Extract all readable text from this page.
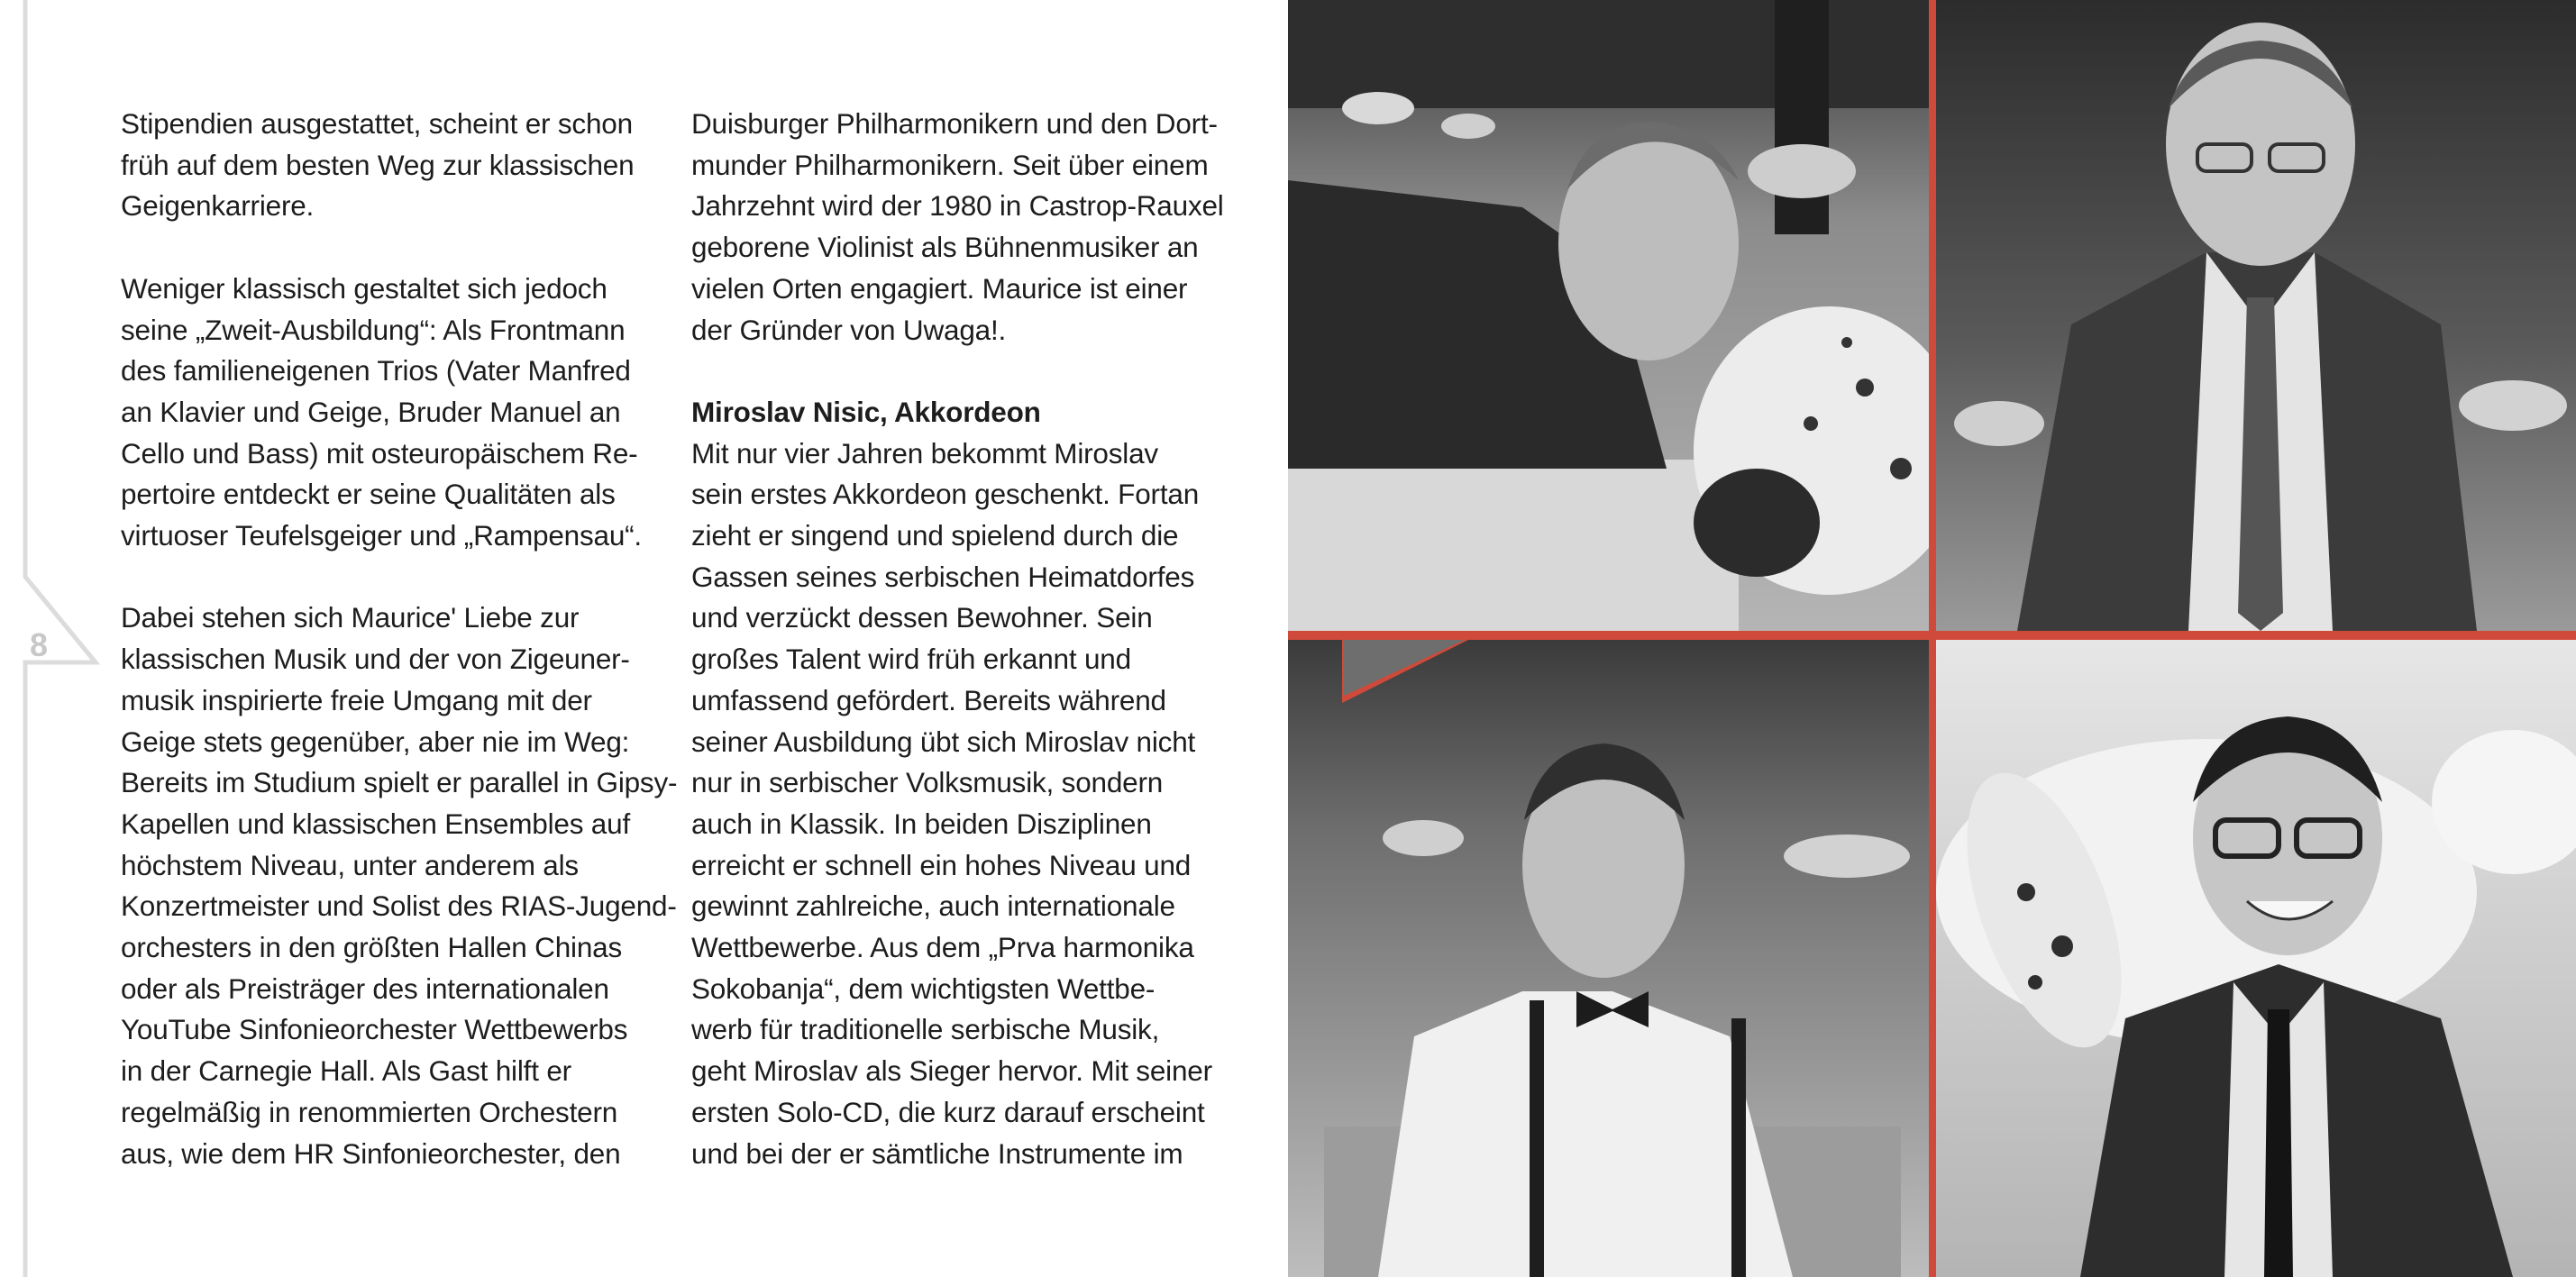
8
Stipendien ausgestattet, scheint er schon
früh auf dem besten Weg zur klassischen
Geigenkarriere.
Weniger klassisch gestaltet sich jedoch
seine „Zweit-Ausbildung“: Als Frontmann
des familieneigenen Trios (Vater Manfred
an Klavier und Geige, Bruder Manuel an
Cello und Bass) mit osteuropäischem Re-
pertoire entdeckt er seine Qualitäten als
virtuoser Teufelsgeiger und „Rampensau“.
Dabei stehen sich Maurice' Liebe zur
klassischen Musik und der von Zigeuner-
musik inspirierte freie Umgang mit der
Geige stets gegenüber, aber nie im Weg:
Bereits im Studium spielt er parallel in Gipsy-
Kapellen und klassischen Ensembles auf
höchstem Niveau, unter anderem als
Konzertmeister und Solist des RIAS-Jugend-
orchesters in den größten Hallen Chinas
oder als Preisträger des internationalen
YouTube Sinfonieorchester Wettbewerbs
in der Carnegie Hall. Als Gast hilft er
regelmäßig in renommierten Orchestern
aus, wie dem HR Sinfonieorchester, den
Duisburger Philharmonikern und den Dort-
munder Philharmonikern. Seit über einem
Jahrzehnt wird der 1980 in Castrop-Rauxel
geborene Violinist als Bühnenmusiker an
vielen Orten engagiert. Maurice ist einer
der Gründer von Uwaga!.
Miroslav Nisic, Akkordeon
Mit nur vier Jahren bekommt Miroslav
sein erstes Akkordeon geschenkt. Fortan
zieht er singend und spielend durch die
Gassen seines serbischen Heimatdorfes
und verzückt dessen Bewohner. Sein
großes Talent wird früh erkannt und
umfassend gefördert. Bereits während
seiner Ausbildung übt sich Miroslav nicht
nur in serbischer Volksmusik, sondern
auch in Klassik. In beiden Disziplinen
erreicht er schnell ein hohes Niveau und
gewinnt zahlreiche, auch internationale
Wettbewerbe. Aus dem „Prva harmonika
Sokobanja“, dem wichtigsten Wettbe-
werb für traditionelle serbische Musik,
geht Miroslav als Sieger hervor. Mit seiner
ersten Solo-CD, die kurz darauf erscheint
und bei der er sämtliche Instrumente im
